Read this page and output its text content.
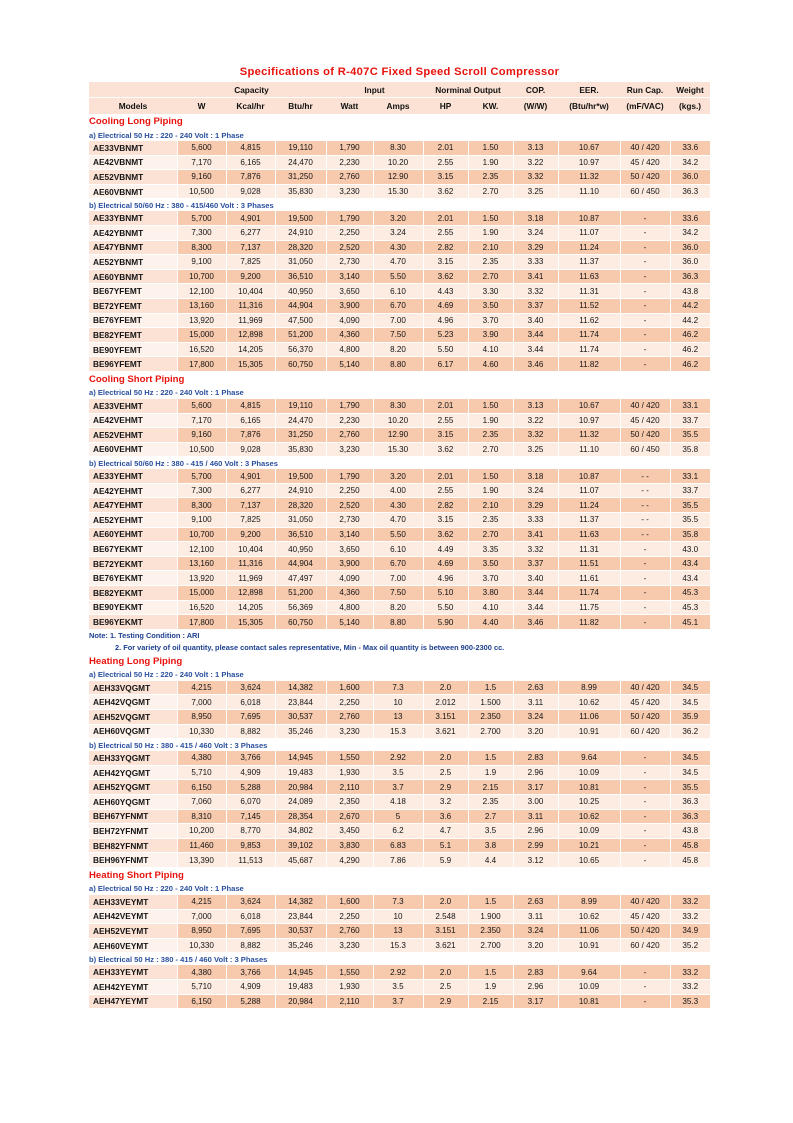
Specifications of R-407C Fixed Speed Scroll Compressor
	Capacity			Input		Norminal Output		COP.	EER.	Run Cap.	Weight
Models	W	Kcal/hr	Btu/hr	Watt	Amps	HP	KW.	(W/W)	(Btu/hr*w)	(mF/VAC)	(kgs.)
Cooling Long Piping											
a) Electrical 50 Hz : 220 - 240 Volt : 1 Phase											
AE33VBNMT	5,600	4,815	19,110	1,790	8.30	2.01	1.50	3.13	10.67	40 / 420	33.6
AE42VBNMT	7,170	6,165	24,470	2,230	10.20	2.55	1.90	3.22	10.97	45 / 420	34.2
AE52VBNMT	9,160	7,876	31,250	2,760	12.90	3.15	2.35	3.32	11.32	50 / 420	36.0
AE60VBNMT	10,500	9,028	35,830	3,230	15.30	3.62	2.70	3.25	11.10	60 / 450	36.3
b) Electrical 50/60 Hz : 380 - 415/460 Volt : 3 Phases											
AE33YBNMT	5,700	4,901	19,500	1,790	3.20	2.01	1.50	3.18	10.87	-	33.6
AE42YBNMT	7,300	6,277	24,910	2,250	3.24	2.55	1.90	3.24	11.07	-	34.2
AE47YBNMT	8,300	7,137	28,320	2,520	4.30	2.82	2.10	3.29	11.24	-	36.0
AE52YBNMT	9,100	7,825	31,050	2,730	4.70	3.15	2.35	3.33	11.37	-	36.0
AE60YBNMT	10,700	9,200	36,510	3,140	5.50	3.62	2.70	3.41	11.63	-	36.3
BE67YFEMT	12,100	10,404	40,950	3,650	6.10	4.43	3.30	3.32	11.31	-	43.8
BE72YFEMT	13,160	11,316	44,904	3,900	6.70	4.69	3.50	3.37	11.52	-	44.2
BE76YFEMT	13,920	11,969	47,500	4,090	7.00	4.96	3.70	3.40	11.62	-	44.2
BE82YFEMT	15,000	12,898	51,200	4,360	7.50	5.23	3.90	3.44	11.74	-	46.2
BE90YFEMT	16,520	14,205	56,370	4,800	8.20	5.50	4.10	3.44	11.74	-	46.2
BE96YFEMT	17,800	15,305	60,750	5,140	8.80	6.17	4.60	3.46	11.82	-	46.2
Cooling Short Piping											
a) Electrical 50 Hz : 220 - 240 Volt : 1 Phase											
AE33VEHMT	5,600	4,815	19,110	1,790	8.30	2.01	1.50	3.13	10.67	40 / 420	33.1
AE42VEHMT	7,170	6,165	24,470	2,230	10.20	2.55	1.90	3.22	10.97	45 / 420	33.7
AE52VEHMT	9,160	7,876	31,250	2,760	12.90	3.15	2.35	3.32	11.32	50 / 420	35.5
AE60VEHMT	10,500	9,028	35,830	3,230	15.30	3.62	2.70	3.25	11.10	60 / 450	35.8
b) Electrical 50/60 Hz : 380 - 415 / 460 Volt : 3 Phases											
AE33YEHMT	5,700	4,901	19,500	1,790	3.20	2.01	1.50	3.18	10.87	- -	33.1
AE42YEHMT	7,300	6,277	24,910	2,250	4.00	2.55	1.90	3.24	11.07	- -	33.7
AE47YEHMT	8,300	7,137	28,320	2,520	4.30	2.82	2.10	3.29	11.24	- -	35.5
AE52YEHMT	9,100	7,825	31,050	2,730	4.70	3.15	2.35	3.33	11.37	- -	35.5
AE60YEHMT	10,700	9,200	36,510	3,140	5.50	3.62	2.70	3.41	11.63	- -	35.8
BE67YEKMT	12,100	10,404	40,950	3,650	6.10	4.49	3.35	3.32	11.31	-	43.0
BE72YEKMT	13,160	11,316	44,904	3,900	6.70	4.69	3.50	3.37	11.51	-	43.4
BE76YEKMT	13,920	11,969	47,497	4,090	7.00	4.96	3.70	3.40	11.61	-	43.4
BE82YEKMT	15,000	12,898	51,200	4,360	7.50	5.10	3.80	3.44	11.74	-	45.3
BE90YEKMT	16,520	14,205	56,369	4,800	8.20	5.50	4.10	3.44	11.75	-	45.3
BE96YEKMT	17,800	15,305	60,750	5,140	8.80	5.90	4.40	3.46	11.82	-	45.1
Note: 1. Testing Condition : ARI											
2. For variety of oil quantity, please contact sales representative, Min - Max oil quantity is between 900-2300 cc.											
Heating Long Piping											
a) Electrical 50 Hz : 220 - 240 Volt : 1 Phase											
AEH33VQGMT	4,215	3,624	14,382	1,600	7.3	2.0	1.5	2.63	8.99	40 / 420	34.5
AEH42VQGMT	7,000	6,018	23,844	2,250	10	2.012	1.500	3.11	10.62	45 / 420	34.5
AEH52VQGMT	8,950	7,695	30,537	2,760	13	3.151	2.350	3.24	11.06	50 / 420	35.9
AEH60VQGMT	10,330	8,882	35,246	3,230	15.3	3.621	2.700	3.20	10.91	60 / 420	36.2
b) Electrical 50 Hz : 380 - 415 / 460 Volt : 3 Phases											
AEH33YQGMT	4,380	3,766	14,945	1,550	2.92	2.0	1.5	2.83	9.64	-	34.5
AEH42YQGMT	5,710	4,909	19,483	1,930	3.5	2.5	1.9	2.96	10.09	-	34.5
AEH52YQGMT	6,150	5,288	20,984	2,110	3.7	2.9	2.15	3.17	10.81	-	35.5
AEH60YQGMT	7,060	6,070	24,089	2,350	4.18	3.2	2.35	3.00	10.25	-	36.3
BEH67YFNMT	8,310	7,145	28,354	2,670	5	3.6	2.7	3.11	10.62	-	36.3
BEH72YFNMT	10,200	8,770	34,802	3,450	6.2	4.7	3.5	2.96	10.09	-	43.8
BEH82YFNMT	11,460	9,853	39,102	3,830	6.83	5.1	3.8	2.99	10.21	-	45.8
BEH96YFNMT	13,390	11,513	45,687	4,290	7.86	5.9	4.4	3.12	10.65	-	45.8
Heating Short Piping											
a) Electrical 50 Hz : 220 - 240 Volt : 1 Phase											
AEH33VEYMT	4,215	3,624	14,382	1,600	7.3	2.0	1.5	2.63	8.99	40 / 420	33.2
AEH42VEYMT	7,000	6,018	23,844	2,250	10	2.548	1.900	3.11	10.62	45 / 420	33.2
AEH52VEYMT	8,950	7,695	30,537	2,760	13	3.151	2.350	3.24	11.06	50 / 420	34.9
AEH60VEYMT	10,330	8,882	35,246	3,230	15.3	3.621	2.700	3.20	10.91	60 / 420	35.2
b) Electrical 50 Hz : 380 - 415 / 460 Volt : 3 Phases											
AEH33YEYMT	4,380	3,766	14,945	1,550	2.92	2.0	1.5	2.83	9.64	-	33.2
AEH42YEYMT	5,710	4,909	19,483	1,930	3.5	2.5	1.9	2.96	10.09	-	33.2
AEH47YEYMT	6,150	5,288	20,984	2,110	3.7	2.9	2.15	3.17	10.81	-	35.3
